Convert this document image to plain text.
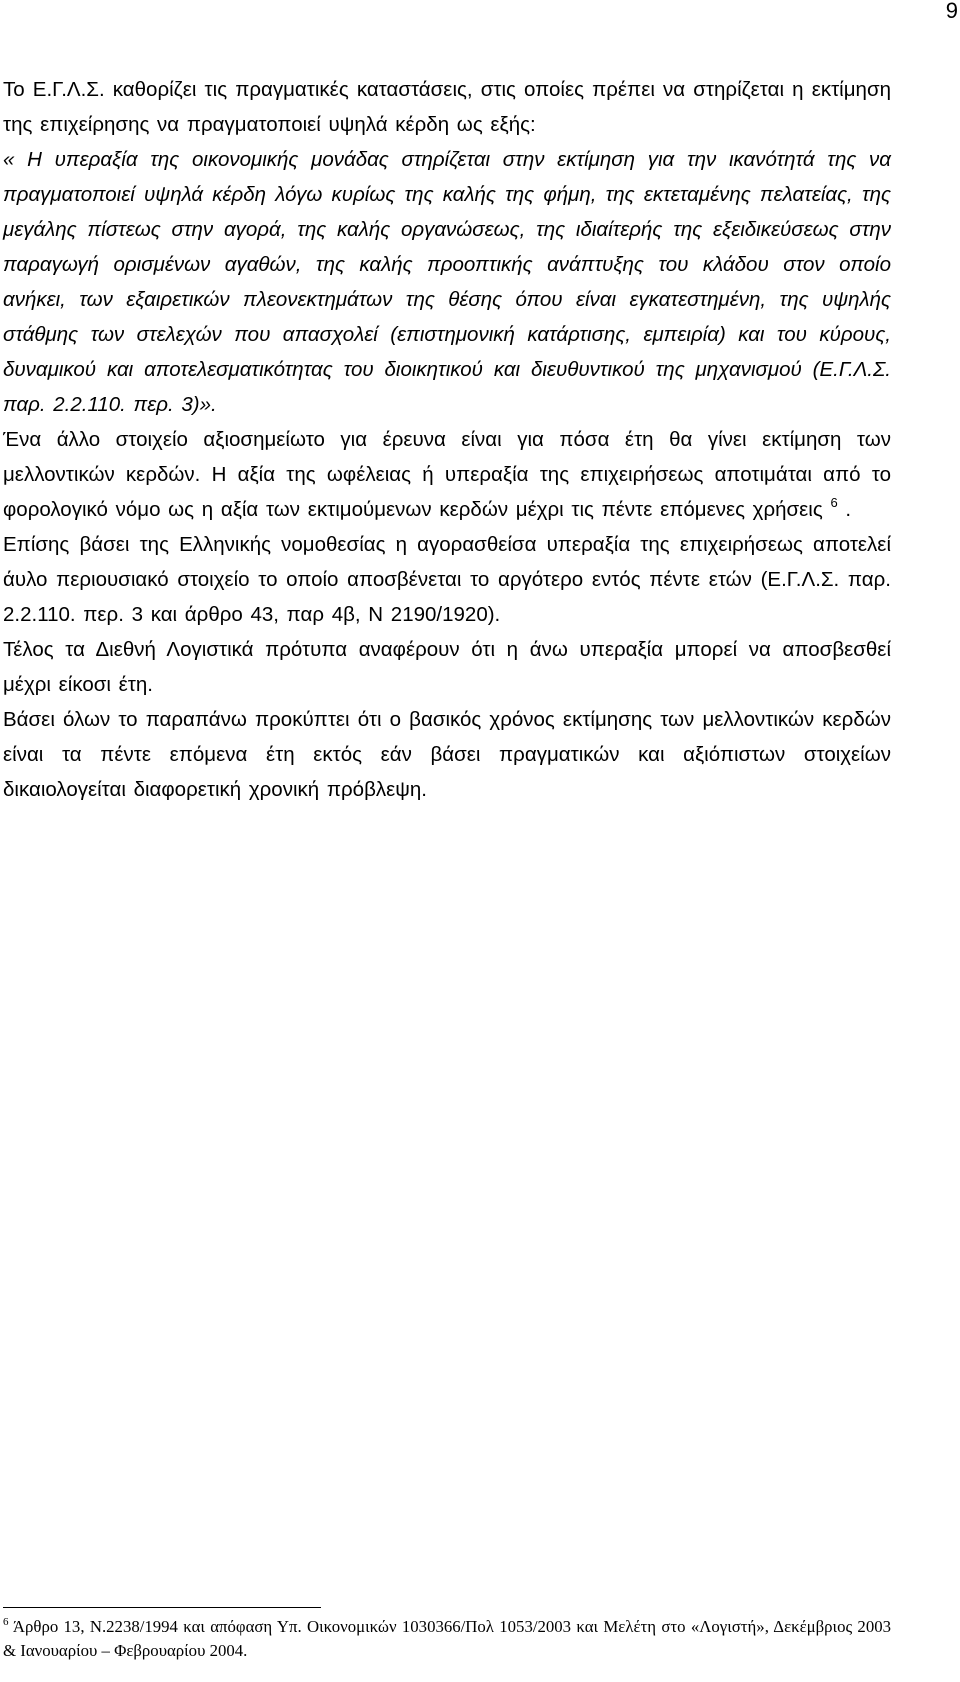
9

Το Ε.Γ.Λ.Σ. καθορίζει τις πραγματικές καταστάσεις, στις οποίες πρέπει να στηρίζεται η εκτίμηση της επιχείρησης να πραγματοποιεί υψηλά κέρδη ως εξής:

« Η υπεραξία της οικονομικής μονάδας στηρίζεται στην εκτίμηση για την ικανότητά της να πραγματοποιεί υψηλά κέρδη λόγω κυρίως της καλής της φήμη, της εκτεταμένης πελατείας, της μεγάλης πίστεως στην αγορά, της καλής οργανώσεως, της ιδιαίτερής της εξειδικεύσεως στην παραγωγή ορισμένων αγαθών, της καλής προοπτικής ανάπτυξης του κλάδου στον οποίο ανήκει, των εξαιρετικών πλεονεκτημάτων της θέσης όπου είναι εγκατεστημένη, της υψηλής στάθμης των στελεχών που απασχολεί (επιστημονική κατάρτισης, εμπειρία) και του κύρους, δυναμικού και αποτελεσματικότητας του διοικητικού και διευθυντικού της μηχανισμού (Ε.Γ.Λ.Σ. παρ. 2.2.110. περ. 3)».

Ένα άλλο στοιχείο αξιοσημείωτο για έρευνα είναι για πόσα έτη θα γίνει εκτίμηση των μελλοντικών κερδών. Η αξία της ωφέλειας ή υπεραξία της επιχειρήσεως αποτιμάται από το φορολογικό νόμο ως η αξία των εκτιμούμενων κερδών μέχρι τις πέντε επόμενες χρήσεις $^6$ .

Επίσης βάσει της Ελληνικής νομοθεσίας η αγορασθείσα υπεραξία της επιχειρήσεως αποτελεί άυλο περιουσιακό στοιχείο το οποίο αποσβένεται το αργότερο εντός πέντε ετών (Ε.Γ.Λ.Σ. παρ. 2.2.110. περ. 3 και άρθρο 43, παρ 4β, Ν 2190/1920).

Τέλος τα Διεθνή Λογιστικά πρότυπα αναφέρουν ότι η άνω υπεραξία μπορεί να αποσβεσθεί μέχρι είκοσι έτη.

Βάσει όλων το παραπάνω προκύπτει ότι ο βασικός χρόνος εκτίμησης των μελλοντικών κερδών είναι τα πέντε επόμενα έτη εκτός εάν βάσει πραγματικών και αξιόπιστων στοιχείων δικαιολογείται διαφορετική χρονική πρόβλεψη.

$^6$ Άρθρο 13, Ν.2238/1994 και απόφαση Υπ. Οικονομικών 1030366/Πολ 1053/2003 και Μελέτη στο «Λογιστή», Δεκέμβριος 2003 & Ιανουαρίου – Φεβρουαρίου 2004.
